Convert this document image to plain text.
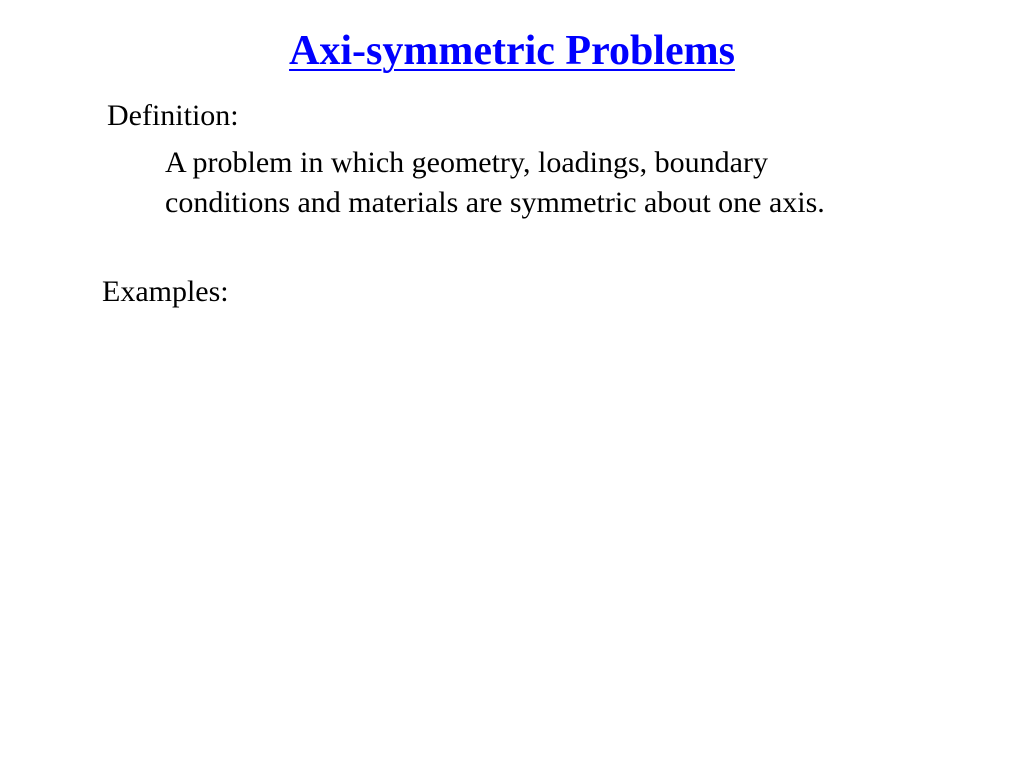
Axi-symmetric Problems
Definition:
A problem in which geometry, loadings, boundary
conditions and materials are symmetric about one axis.
Examples:
